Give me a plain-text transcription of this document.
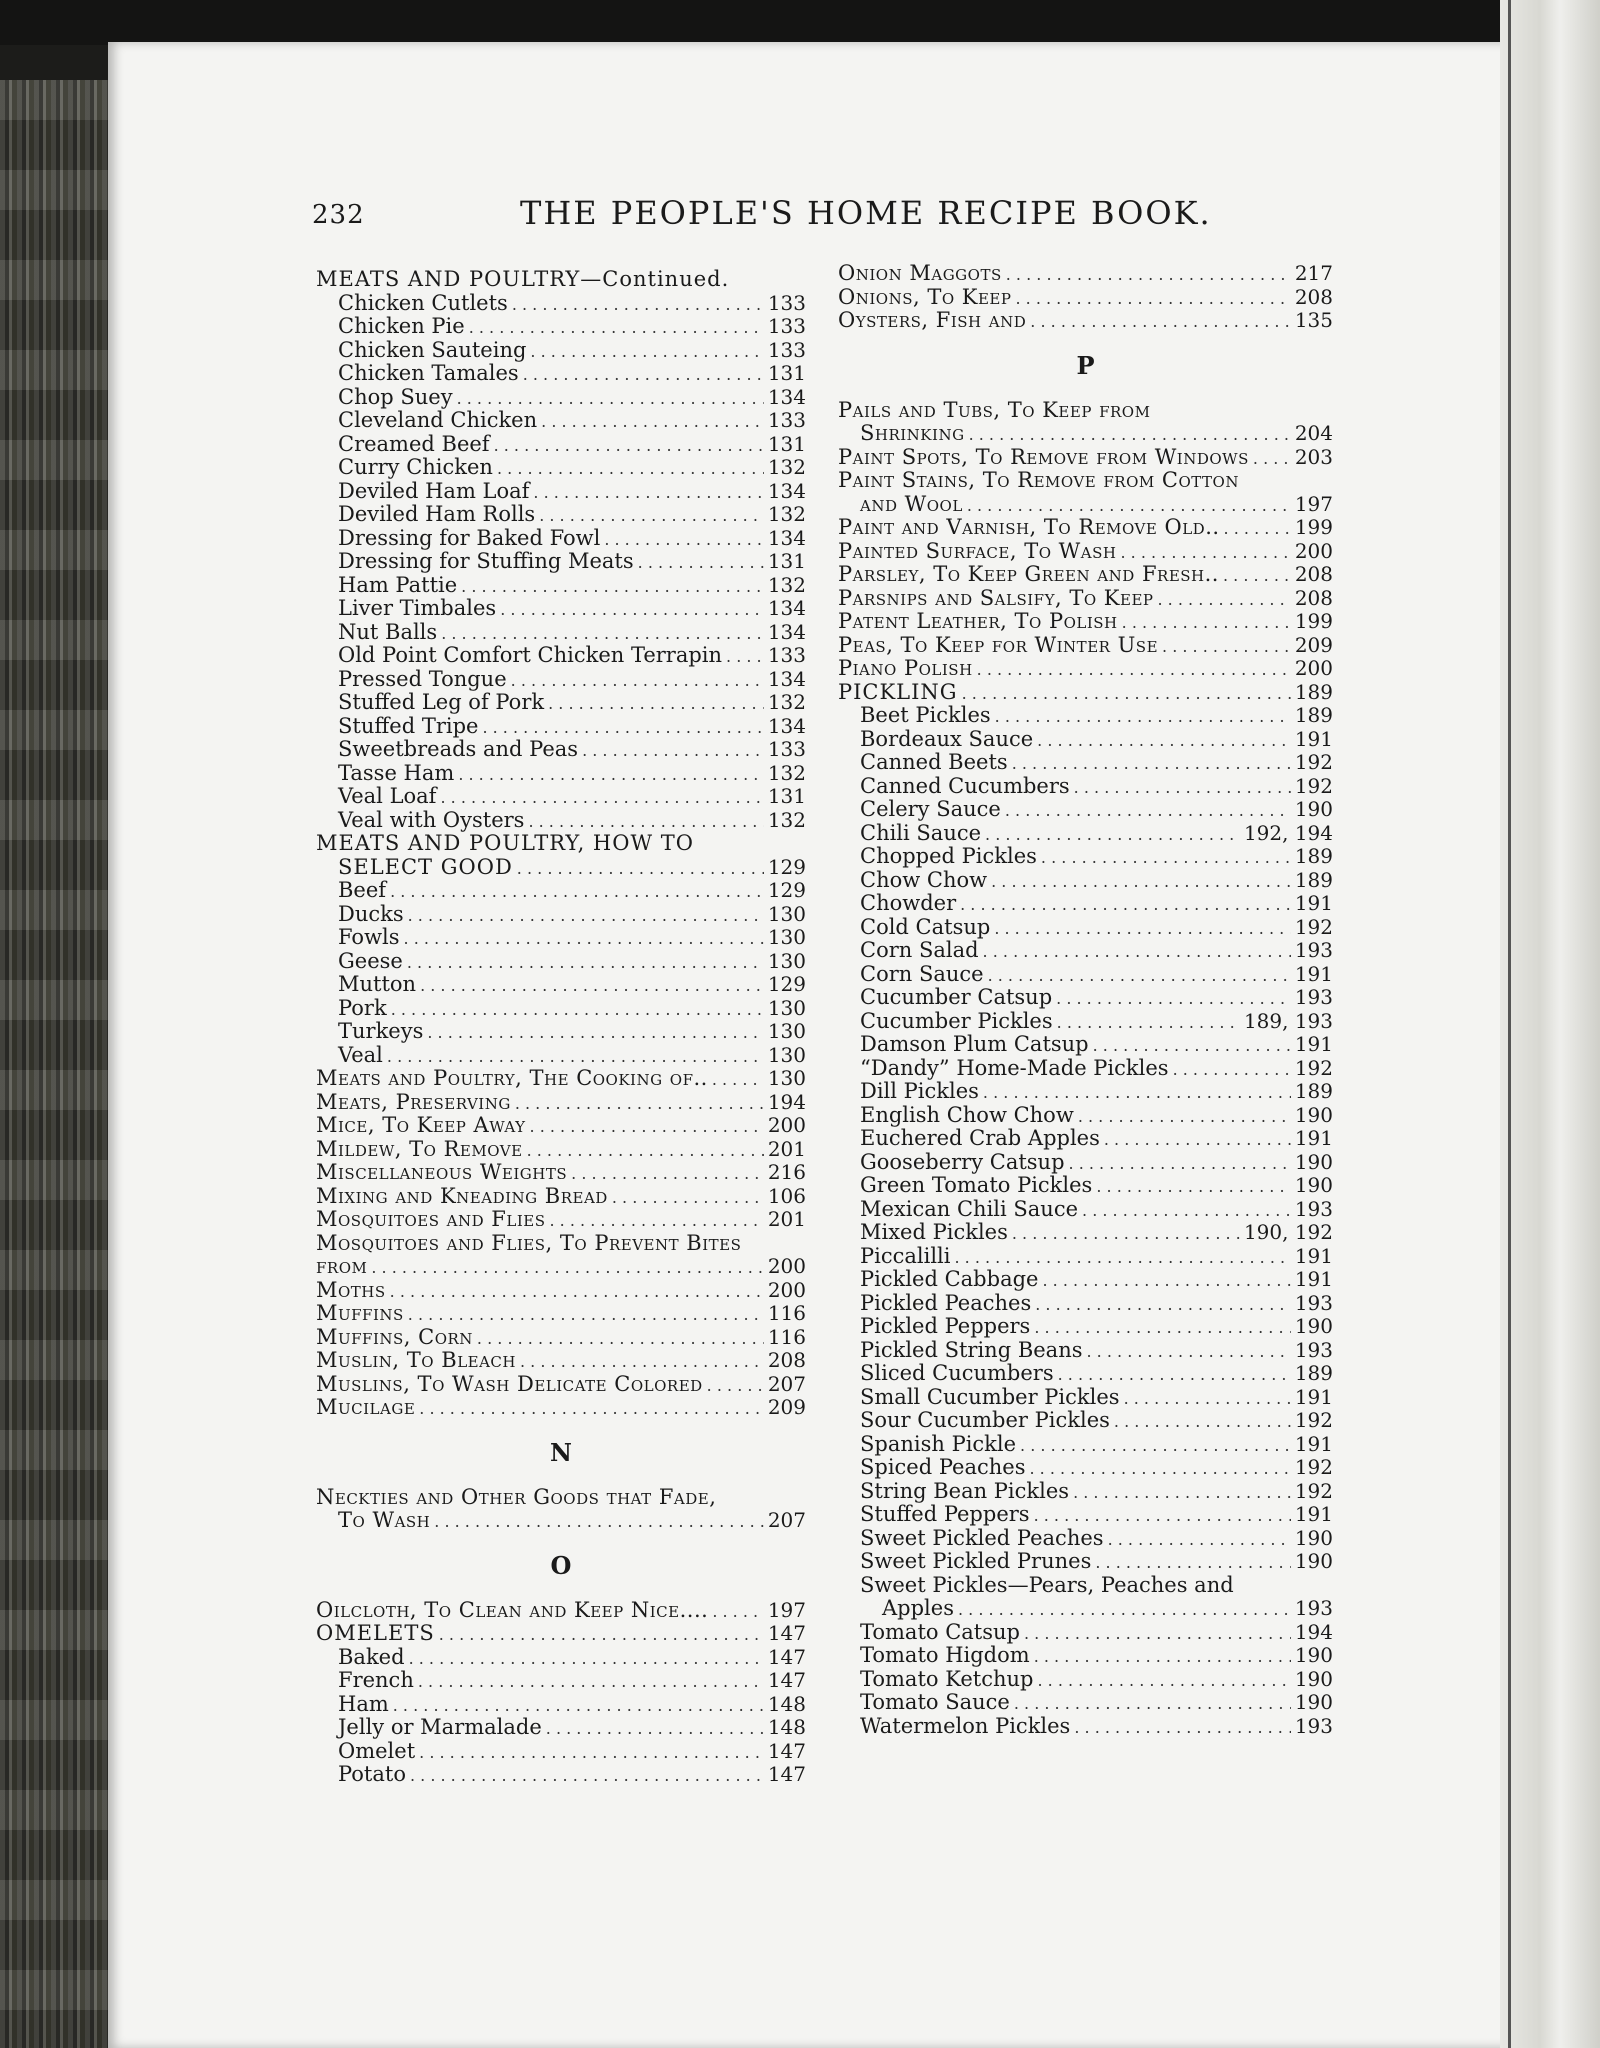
232	THE PEOPLE'S HOME RECIPE BOOK.
MEATS AND POULTRY—Continued.
Chicken Cutlets . . .	133
Chicken Pie . . .	133
Chicken Sauteing . . .	133
Chicken Tamales . . .	131
Chop Suey . . .	134
Cleveland Chicken . . .	133
Creamed Beef . . .	131
Curry Chicken . . .	132
Deviled Ham Loaf . . .	134
Deviled Ham Rolls . . .	132
Dressing for Baked Fowl . . .	134
Dressing for Stuffing Meats . . .	131
Ham Pattie . . .	132
Liver Timbales . . .	134
Nut Balls . . .	134
Old Point Comfort Chicken Terrapin . . . 133
Pressed Tongue . . .	134
Stuffed Leg of Pork . . .	132
Stuffed Tripe . . .	134
Sweetbreads and Peas . . .	133
Tasse Ham . . .	132
Veal Loaf . . .	131
Veal with Oysters . . .	132
MEATS AND POULTRY, HOW TO
SELECT GOOD . . .	129
Beef . . .	129
Ducks . . .	130
Fowls . . .	130
Geese . . .	130
Mutton . . .	129
Pork . . .	130
Turkeys . . .	130
Veal . . .	130
Meats and Poultry, The Cooking of.. . . .	130
Meats, Preserving . . .	194
Mice, To Keep Away . . .	200
Mildew, To Remove . . .	201
Miscellaneous Weights . . .	216
Mixing and Kneading Bread . . .	106
Mosquitoes and Flies . . .	201
Mosquitoes and Flies, To Prevent Bites
from . . .	200
Moths . . .	200
Muffins . . .	116
Muffins, Corn . . .	116
Muslin, To Bleach . . .	208
Muslins, To Wash Delicate Colored . . .	207
Mucilage . . .	209
N
Neckties and Other Goods that Fade,
To Wash . . .	207
O
Oilcloth, To Clean and Keep Nice.... . . .	197
OMELETS . . .	147
Baked . . .	147
French . . .	147
Ham . . .	148
Jelly or Marmalade . . .	148
Omelet . . .	147
Potato . . .	147
Onion Maggots . . .	217
Onions, To Keep . . .	208
Oysters, Fish and . . .	135
P
Pails and Tubs, To Keep from
Shrinking . . .	204
Paint Spots, To Remove from Windows . . . 203
Paint Stains, To Remove from Cotton
and Wool . . .	197
Paint and Varnish, To Remove Old.. . . .	199
Painted Surface, To Wash . . .	200
Parsley, To Keep Green and Fresh.. . . .	208
Parsnips and Salsify, To Keep . . .	208
Patent Leather, To Polish . . .	199
Peas, To Keep for Winter Use . . .	209
Piano Polish . . .	200
PICKLING . . .	189
Beet Pickles . . .	189
Bordeaux Sauce . . .	191
Canned Beets . . .	192
Canned Cucumbers . . .	192
Celery Sauce . . .	190
Chili Sauce . . .	192, 194
Chopped Pickles . . .	189
Chow Chow . . .	189
Chowder . . .	191
Cold Catsup . . .	192
Corn Salad . . .	193
Corn Sauce . . .	191
Cucumber Catsup . . .	193
Cucumber Pickles . . .	189, 193
Damson Plum Catsup . . .	191
“Dandy” Home-Made Pickles . . .	192
Dill Pickles . . .	189
English Chow Chow . . .	190
Euchered Crab Apples . . .	191
Gooseberry Catsup . . .	190
Green Tomato Pickles . . .	190
Mexican Chili Sauce . . .	193
Mixed Pickles . . .	190, 192
Piccalilli . . .	191
Pickled Cabbage . . .	191
Pickled Peaches . . .	193
Pickled Peppers . . .	190
Pickled String Beans . . .	193
Sliced Cucumbers . . .	189
Small Cucumber Pickles . . .	191
Sour Cucumber Pickles . . .	192
Spanish Pickle . . .	191
Spiced Peaches . . .	192
String Bean Pickles . . .	192
Stuffed Peppers . . .	191
Sweet Pickled Peaches . . .	190
Sweet Pickled Prunes . . .	190
Sweet Pickles—Pears, Peaches and
Apples . . .	193
Tomato Catsup . . .	194
Tomato Higdom . . .	190
Tomato Ketchup . . .	190
Tomato Sauce . . .	190
Watermelon Pickles . . .	193
